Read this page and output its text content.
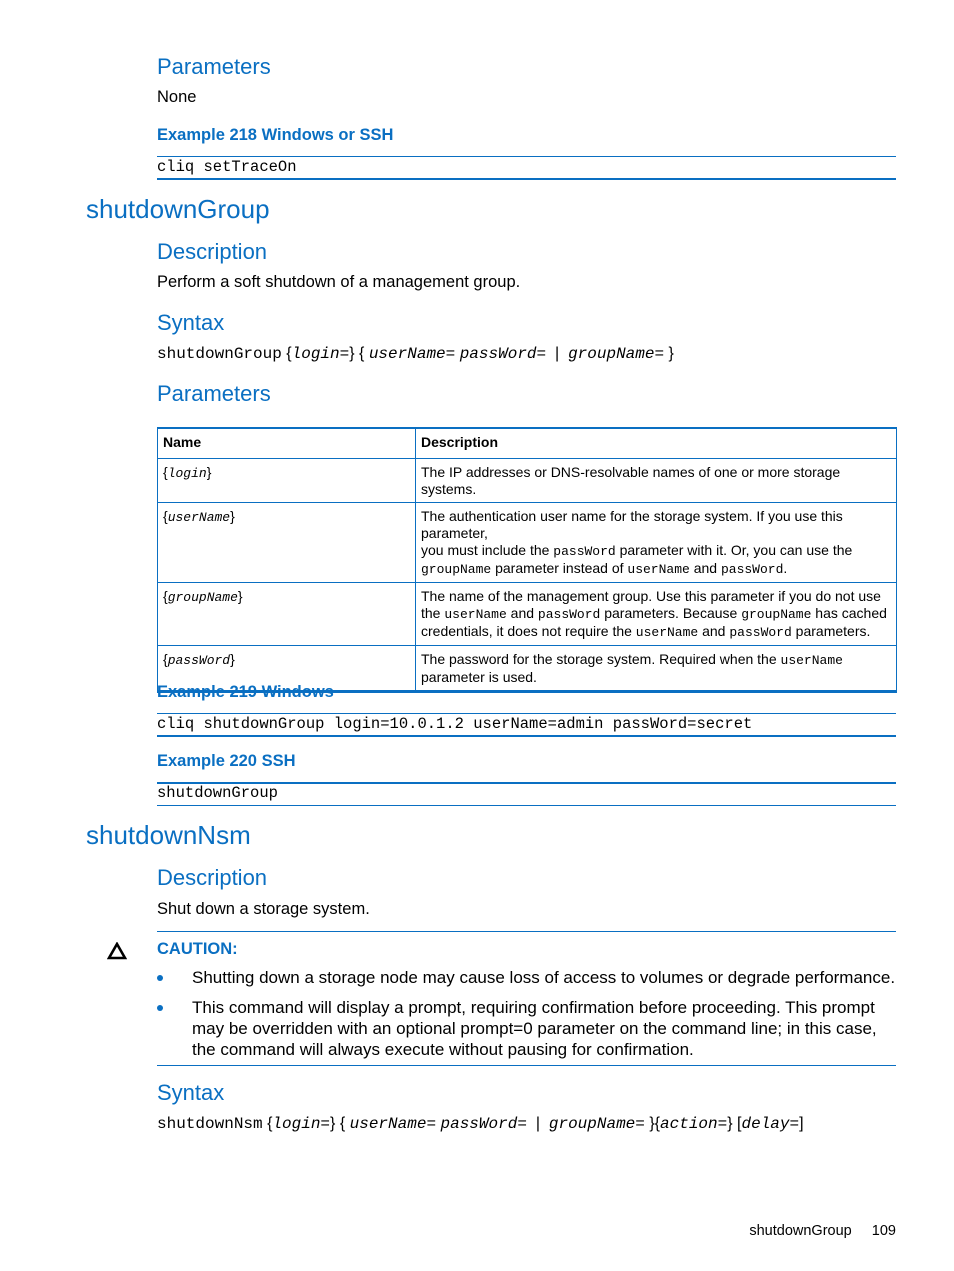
Parameters
None
Example 218 Windows or SSH
cliq setTraceOn
shutdownGroup
Description
Perform a soft shutdown of a management group.
Syntax
shutdownGroup {login=} { userName= passWord= | groupName= }
Parameters
Name	Description
{login}	The IP addresses or DNS-resolvable names of one or more storage systems.
{userName}	The authentication user name for the storage system. If you use this parameter,
you must include the passWord parameter with it. Or, you can use the
groupName parameter instead of userName and passWord.

{groupName}	The name of the management group. Use this parameter if you do not use
the userName and passWord parameters. Because groupName has cached
credentials, it does not require the userName and passWord parameters.

{passWord}	The password for the storage system. Required when the userName
parameter is used.
Example 219 Windows
cliq shutdownGroup login=10.0.1.2 userName=admin passWord=secret
Example 220 SSH
shutdownGroup
shutdownNsm
Description
Shut down a storage system.
CAUTION:
Shutting down a storage node may cause loss of access to volumes or degrade performance.
This command will display a prompt, requiring confirmation before proceeding. This prompt
may be overridden with an optional prompt=0 parameter on the command line; in this case,
the command will always execute without pausing for confirmation.
Syntax
shutdownNsm {login=} { userName= passWord= | groupName= }{action=} [delay=]
shutdownGroup 109
